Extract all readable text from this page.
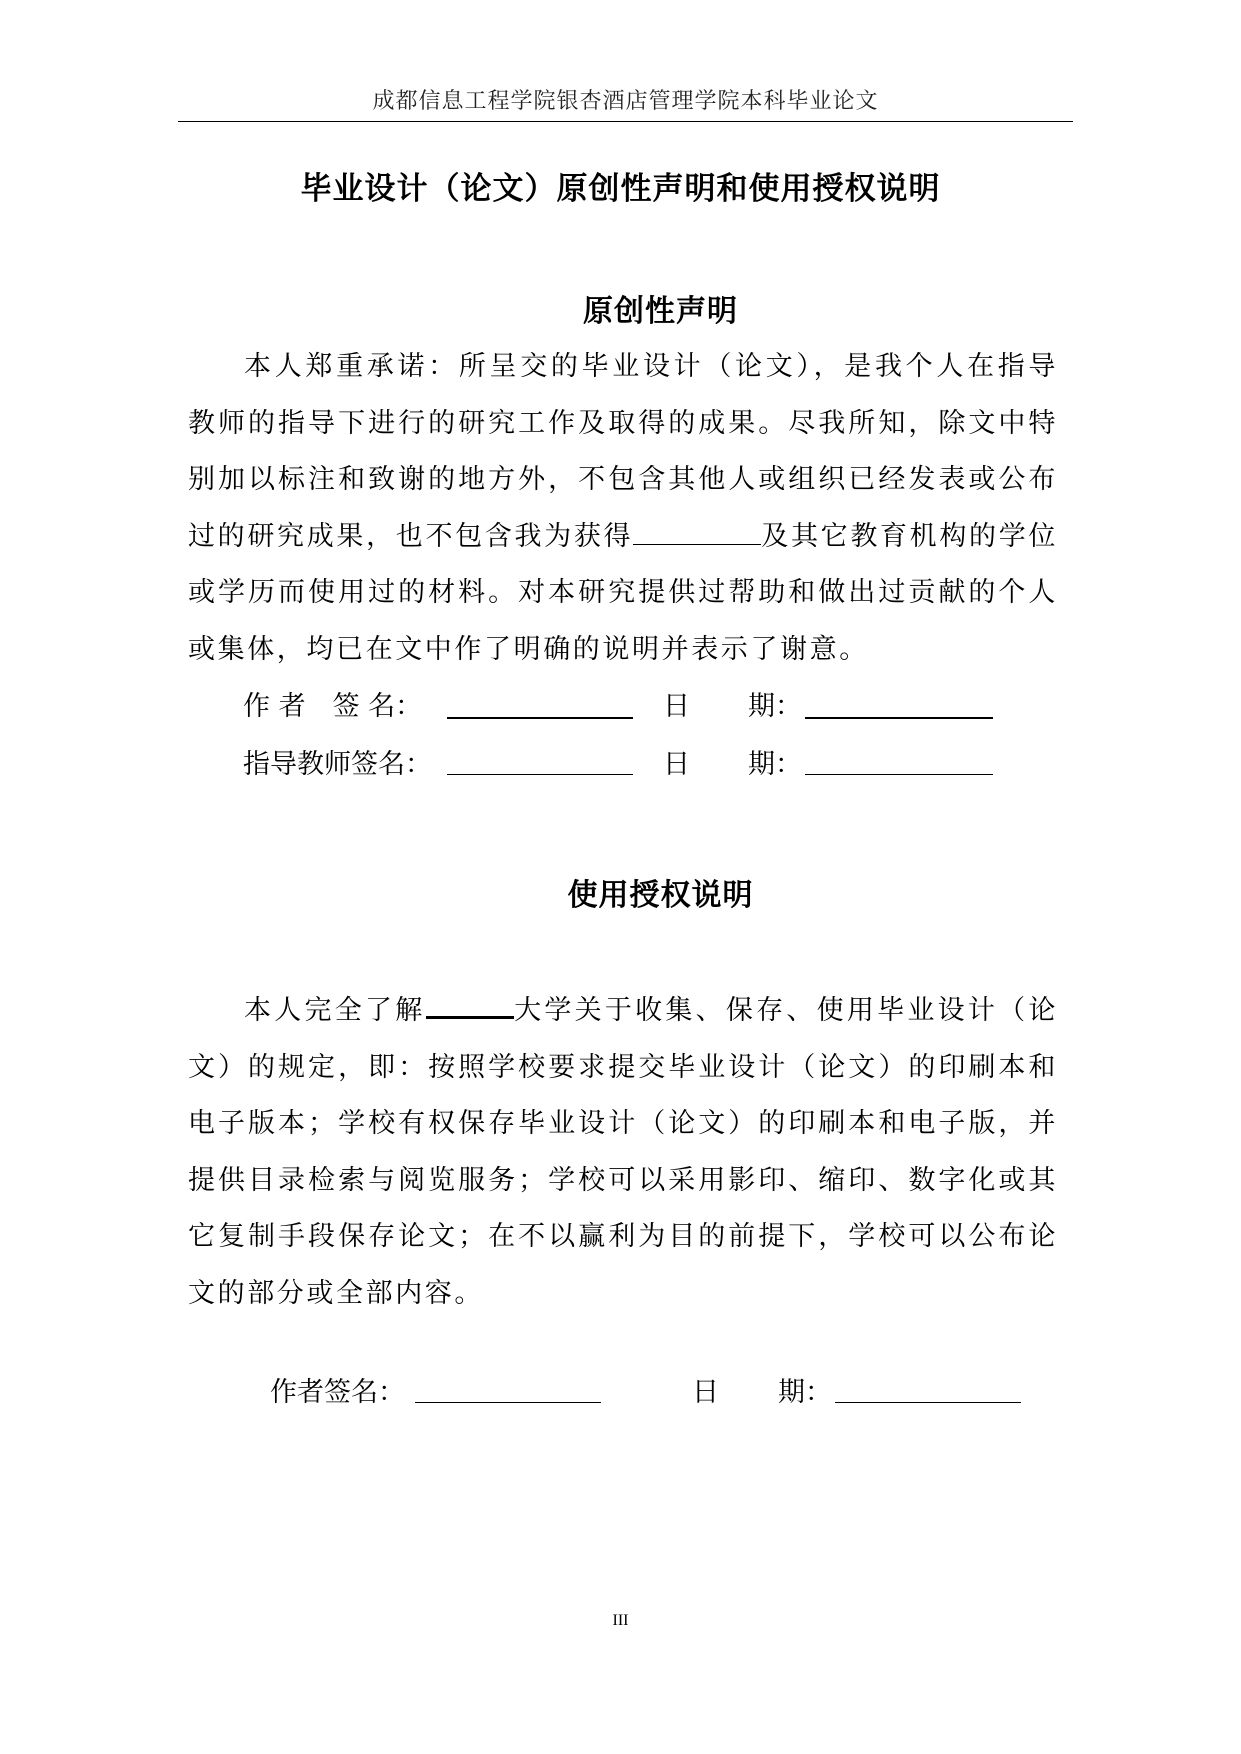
成都信息工程学院银杏酒店管理学院本科毕业论文
毕业设计（论文）原创性声明和使用授权说明
原创性声明

本人郑重承诺：所呈交的毕业设计（论文），是我个人在指导教师的指导下进行的研究工作及取得的成果。尽我所知，除文中特别加以标注和致谢的地方外，不包含其他人或组织已经发表或公布过的研究成果，也不包含我为获得	及其它教育机构的学位或学历而使用过的材料。对本研究提供过帮助和做出过贡献的个人或集体，均已在文中作了明确的说明并表示了谢意。

作 者　签 名：	日 期：
指导教师签名：	日 期：
使用授权说明

本人完全了解	大学关于收集、保存、使用毕业设计（论文）的规定，即：按照学校要求提交毕业设计（论文）的印刷本和电子版本；学校有权保存毕业设计（论文）的印刷本和电子版，并提供目录检索与阅览服务；学校可以采用影印、缩印、数字化或其它复制手段保存论文；在不以赢利为目的前提下，学校可以公布论文的部分或全部内容。

作者签名：	日 期：
III
